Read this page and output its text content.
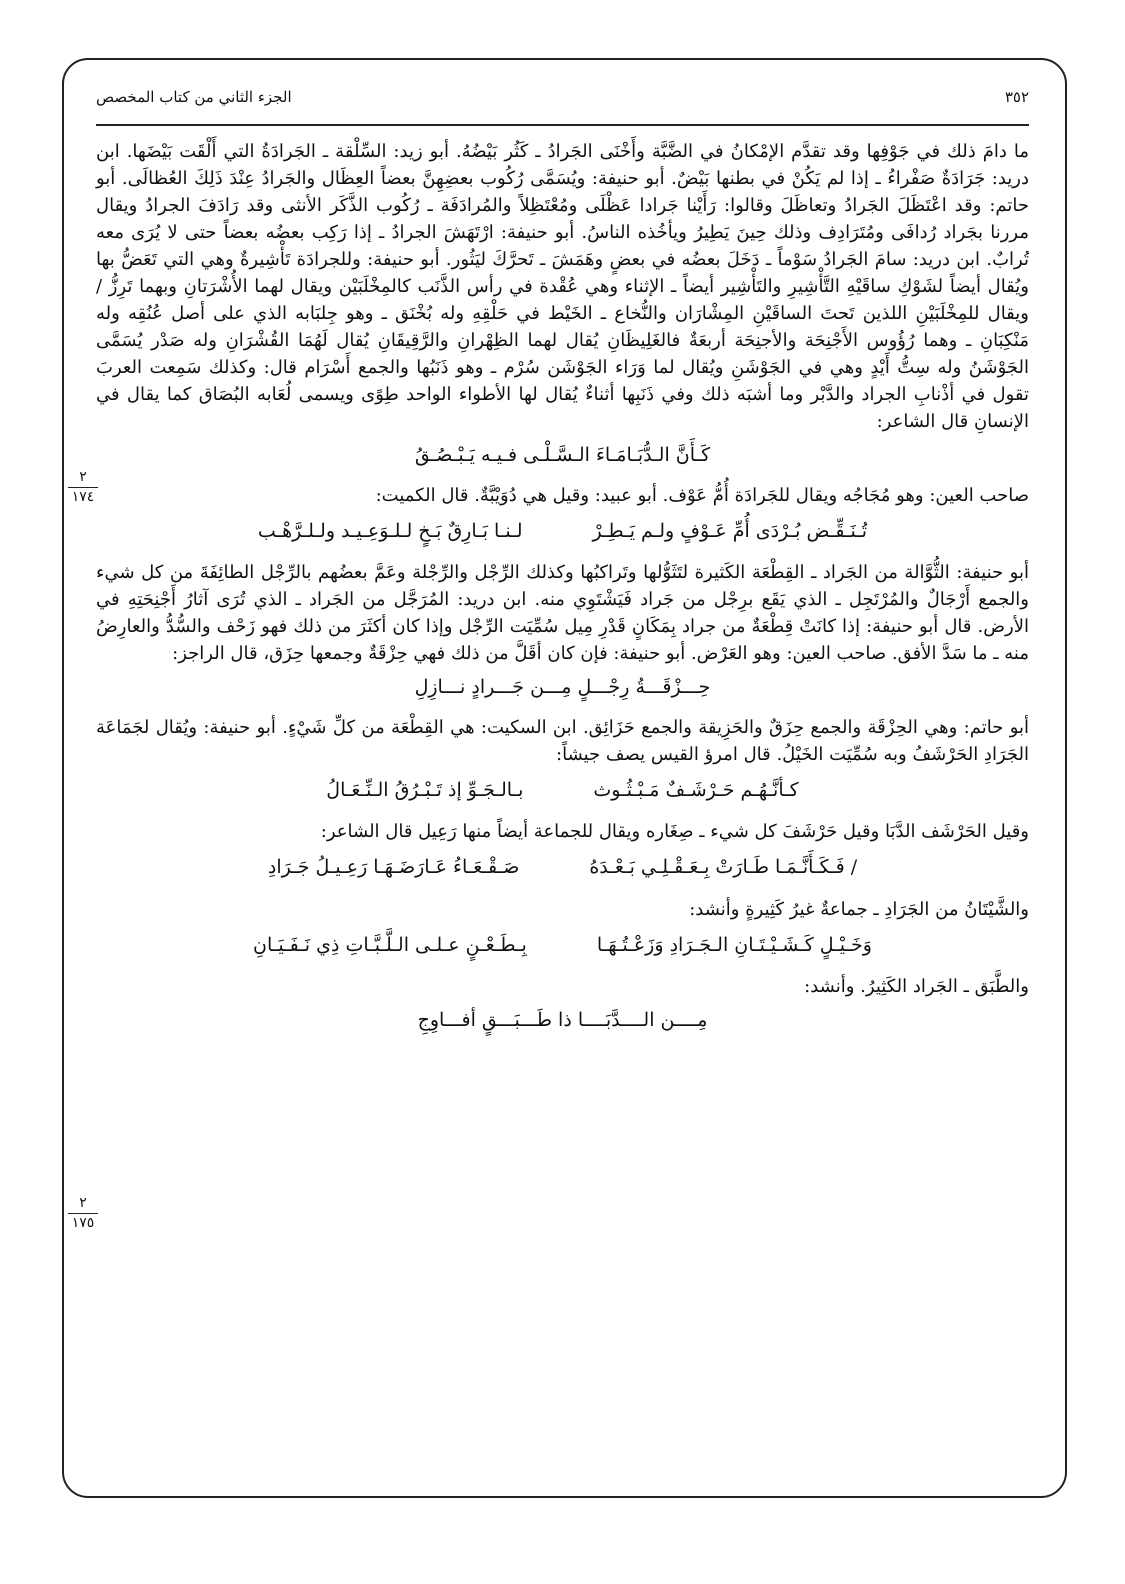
الجزء الثاني من كتاب المخصص	٣٥٢
٢
١٧٤
٢
١٧٥

ما دامَ ذلك في جَوْفِها وقد تقدَّم الإمْكانُ في الضَّبَّة وأَخْنَى الجَرادُ ـ كَثُر بَيْضُهُ. أبو زيد: السِّلْقة ـ الجَرادَةُ التي أَلْقَت بَيْضَها. ابن دريد: جَرَادَةٌ صَفْراءُ ـ إذا لم يَكُنْ في بطنها بَيْضٌ. أبو حنيفة: ويُسَمَّى رُكُوب بعضِهِنَّ بعضاً العِظَال والجَرادُ عِنْدَ ذَلِكَ العُظالَى. أبو حاتم: وقد اعْتَظَلَ الجَرادُ وتعاظَلَ وقالوا: رَأَيْنا جَرادا عَظْلَى ومُعْتَظِلاً والمُرادَفَة ـ رُكُوب الذَّكَر الأنثى وقد رَادَفَ الجرادُ ويقال مررنا بجَراد رُدافَى ومُتَرَادِف وذلك حِينَ يَطِيرُ ويأخُذه الناسُ. أبو حنيفة: ارْتَهَشَ الجرادُ ـ إذا رَكِب بعضُه بعضاً حتى لا يُرَى معه تُرابٌ. ابن دريد: سامَ الجَرادُ سَوْماً ـ دَخَلَ بعضُه في بعضٍ وهَمَشَ ـ تَحرَّكَ ليَثُور. أبو حنيفة: وللجرادَة تَأْشِيرةٌ وهي التي تَعَضُّ بها ويُقال أيضاً لشَوْكِ ساقَيْهِ التَّأْشِيرِ والتَأْشِير أيضاً ـ الإثناء وهي عُقْدة في رأس الذَّنَب كالمِخْلَبَيْن ويقال لهما الأُشْرَتانِ وبهما تَرِزُّ / ويقال للمِخْلَبَيْنِ اللذين تَحتَ الساقَيْنِ المِشْارَان والنُّخاع ـ الخَيْط في حَلْقِهِ وله بُخْنَق ـ وهو جِلبَابه الذي على أصل عُنُقِه وله مَنْكِبَانِ ـ وهما رُؤُوس الأَجْنِحَة والأجنِحَة أربعَةٌ فالغَلِيظَانِ يُقال لهما الظِهْرانِ والرَّقِيقَانِ يُقال لَهُمَا القُشْرَانِ وله صَدْر يُسَمَّى الجَوْشَنُ وله سِتُّ أَيْدٍ وهي في الجَوْشَنِ ويُقال لما وَرَاء الجَوْشَن سُرْم ـ وهو ذَنَبُها والجمع أَسْرَام قال: وكذلك سَمِعت العربَ تقول في أذْنابِ الجراد والدَّبْر وما أشبَه ذلك وفي ذَنَبِها أثناءٌ يُقال لها الأطواء الواحد طِوًى ويسمى لُعَابه البُصَاق كما يقال في الإنسانِ قال الشاعر:

كَـأَنَّ الـدُّبَـامَـاءَ الـسَّـلْـى فـيـه يَـبْـصُـقُ

صاحب العين: وهو مُجَاجُه ويقال للجَرادَة أُمُّ عَوْف. أبو عبيد: وقيل هي دُوَيْبَّةٌ. قال الكميت:

تُـنَـقِّـض بُـرْدَى أُمِّ عَـوْفٍ ولـم يَـطِـرْ
لـنـا بَـارِقٌ بَـخٍ لـلـوَعِـيـد ولـلـرَّهْـب

أبو حنيفة: الثُّوَّالة من الجَراد ـ القِطْعَة الكَثيرة لتَثَوُّلها وتَراكبُها وكذلك الرِّجْل والرِّجْلة وعَمَّ بعضُهم بالرِّجْل الطائِفَةَ من كل شيء والجمع أَرْجَالٌ والمُرْتَجِل ـ الذي يَقَع برِجْل من جَراد فَيَشْتَوِي منه. ابن دريد: المُرَجَّل من الجَراد ـ الذي تُرَى آثارُ أَجْنِحَتِهِ في الأرض. قال أبو حنيفة: إذا كانَتْ قِطْعَةٌ من جراد بِمَكَانٍ قَدْرِ مِيل سُمِّيَت الرِّجْل وإذا كان أكثَرَ من ذلك فهو زَحْف والسُّدُّ والعارِضُ منه ـ ما سَدَّ الأفق. صاحب العين: وهو العَرْض. أبو حنيفة: فإن كان أقَلَّ من ذلك فهي حِزْقَةٌ وجمعها حِزَق، قال الراجز:

حِـــزْقَـــةُ رِجْـــلٍ مِـــن جَـــرادٍ نـــازِلِ

أبو حاتم: وهي الحِزْقَة والجمع حِزَقٌ والحَزِيقة والجمع حَزَائِق. ابن السكيت: هي القِطْعَة من كلِّ شَيْءٍ. أبو حنيفة: ويُقال لجَمَاعَة الجَرَادِ الحَرْشَفُ وبه سُمِّيَت الخَيْلُ. قال امرؤ القيس يصف جيشاً:

كـأنَّـهُـم حَـرْشَـفٌ مَـبْـثُـوث
بـالـجَـوِّ إذ تَـبْـرُقُ الـنِّـعَـالُ

وقيل الحَرْشَف الدَّبَا وقيل حَرْشَفَ كل شيء ـ صِغَاره ويقال للجماعة أيضاً منها رَعِيل قال الشاعر:

/ فَـكَـأَنَّـمَـا طَـارَتْ بِـعَـقْـلِـي بَـعْـدَهُ
صَـقْـعَـاءُ عَـارَضَـهَـا رَعِـيـلُ جَـرَادِ

والشَّيْتَانُ من الجَرَادِ ـ جماعةٌ غيرُ كَثِيرةٍ وأنشد:

وَخَـيْـلٍ كَـشَـيْـتَـانِ الـجَـرَادِ وَزَعْـتُـهَـا
بِـطَـعْـنٍ عـلـى الـلَّـبَّـاتِ ذِي نَـفَـيَـانِ

والطَّبَق ـ الجَراد الكَثِيرُ. وأنشد:

مِــــن الــــدَّبَــــا ذا طَـــبَـــقٍ أفـــاوِجِ
